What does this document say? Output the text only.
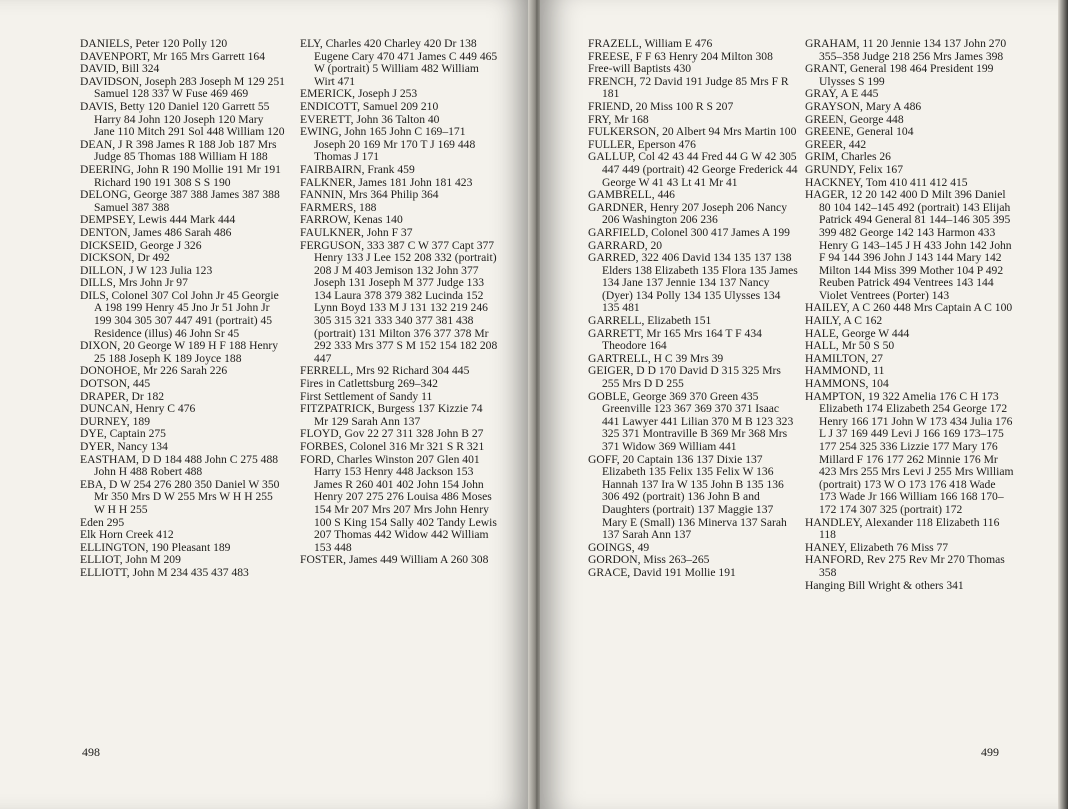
DANIELS, Peter 120 Polly 120

DAVENPORT, Mr 165 Mrs Garrett 164

DAVID, Bill 324

DAVIDSON, Joseph 283 Joseph M 129 251 Samuel 128 337 W Fuse 469 469

DAVIS, Betty 120 Daniel 120 Garrett 55 Harry 84 John 120 Joseph 120 Mary Jane 110 Mitch 291 Sol 448 William 120

DEAN, J R 398 James R 188 Job 187 Mrs Judge 85 Thomas 188 William H 188

DEERING, John R 190 Mollie 191 Mr 191 Richard 190 191 308 S S 190

DELONG, George 387 388 James 387 388 Samuel 387 388

DEMPSEY, Lewis 444 Mark 444

DENTON, James 486 Sarah 486

DICKSEID, George J 326

DICKSON, Dr 492

DILLON, J W 123 Julia 123

DILLS, Mrs John Jr 97

DILS, Colonel 307 Col John Jr 45 Georgie A 198 199 Henry 45 Jno Jr 51 John Jr 199 304 305 307 447 491 (portrait) 45 Residence (illus) 46 John Sr 45

DIXON, 20 George W 189 H F 188 Henry 25 188 Joseph K 189 Joyce 188

DONOHOE, Mr 226 Sarah 226

DOTSON, 445

DRAPER, Dr 182

DUNCAN, Henry C 476

DURNEY, 189

DYE, Captain 275

DYER, Nancy 134

EASTHAM, D D 184 488 John C 275 488 John H 488 Robert 488

EBA, D W 254 276 280 350 Daniel W 350 Mr 350 Mrs D W 255 Mrs W H H 255 W H H 255

Eden 295

Elk Horn Creek 412

ELLINGTON, 190 Pleasant 189

ELLIOT, John M 209

ELLIOTT, John M 234 435 437 483

ELY, Charles 420 Charley 420 Dr 138 Eugene Cary 470 471 James C 449 465 W (portrait) 5 William 482 William Wirt 471

EMERICK, Joseph J 253

ENDICOTT, Samuel 209 210

EVERETT, John 36 Talton 40

EWING, John 165 John C 169–171 Joseph 20 169 Mr 170 T J 169 448 Thomas J 171

FAIRBAIRN, Frank 459

FALKNER, James 181 John 181 423

FANNIN, Mrs 364 Philip 364

FARMERS, 188

FARROW, Kenas 140

FAULKNER, John F 37

FERGUSON, 333 387 C W 377 Capt 377 Henry 133 J Lee 152 208 332 (portrait) 208 J M 403 Jemison 132 John 377 Joseph 131 Joseph M 377 Judge 133 134 Laura 378 379 382 Lucinda 152 Lynn Boyd 133 M J 131 132 219 246 305 315 321 333 340 377 381 438 (portrait) 131 Milton 376 377 378 Mr 292 333 Mrs 377 S M 152 154 182 208 447

FERRELL, Mrs 92 Richard 304 445

Fires in Catlettsburg 269–342

First Settlement of Sandy 11

FITZPATRICK, Burgess 137 Kizzie 74 Mr 129 Sarah Ann 137

FLOYD, Gov 22 27 311 328 John B 27

FORBES, Colonel 316 Mr 321 S R 321

FORD, Charles Winston 207 Glen 401 Harry 153 Henry 448 Jackson 153 James R 260 401 402 John 154 John Henry 207 275 276 Louisa 486 Moses 154 Mr 207 Mrs 207 Mrs John Henry 100 S King 154 Sally 402 Tandy Lewis 207 Thomas 442 Widow 442 William 153 448

FOSTER, James 449 William A 260 308

498

FRAZELL, William E 476

FREESE, F F 63 Henry 204 Milton 308

Free-will Baptists 430

FRENCH, 72 David 191 Judge 85 Mrs F R 181

FRIEND, 20 Miss 100 R S 207

FRY, Mr 168

FULKERSON, 20 Albert 94 Mrs Martin 100

FULLER, Eperson 476

GALLUP, Col 42 43 44 Fred 44 G W 42 305 447 449 (portrait) 42 George Frederick 44 George W 41 43 Lt 41 Mr 41

GAMBRELL, 446

GARDNER, Henry 207 Joseph 206 Nancy 206 Washington 206 236

GARFIELD, Colonel 300 417 James A 199

GARRARD, 20

GARRED, 322 406 David 134 135 137 138 Elders 138 Elizabeth 135 Flora 135 James 134 Jane 137 Jennie 134 137 Nancy (Dyer) 134 Polly 134 135 Ulysses 134 135 481

GARRELL, Elizabeth 151

GARRETT, Mr 165 Mrs 164 T F 434 Theodore 164

GARTRELL, H C 39 Mrs 39

GEIGER, D D 170 David D 315 325 Mrs 255 Mrs D D 255

GOBLE, George 369 370 Green 435 Greenville 123 367 369 370 371 Isaac 441 Lawyer 441 Lilian 370 M B 123 323 325 371 Montraville B 369 Mr 368 Mrs 371 Widow 369 William 441

GOFF, 20 Captain 136 137 Dixie 137 Elizabeth 135 Felix 135 Felix W 136 Hannah 137 Ira W 135 John B 135 136 306 492 (portrait) 136 John B and Daughters (portrait) 137 Maggie 137 Mary E (Small) 136 Minerva 137 Sarah 137 Sarah Ann 137

GOINGS, 49

GORDON, Miss 263–265

GRACE, David 191 Mollie 191

GRAHAM, 11 20 Jennie 134 137 John 270 355–358 Judge 218 256 Mrs James 398

GRANT, General 198 464 President 199 Ulysses S 199

GRAY, A E 445

GRAYSON, Mary A 486

GREEN, George 448

GREENE, General 104

GREER, 442

GRIM, Charles 26

GRUNDY, Felix 167

HACKNEY, Tom 410 411 412 415

HAGER, 12 20 142 400 D Milt 396 Daniel 80 104 142–145 492 (portrait) 143 Elijah Patrick 494 General 81 144–146 305 395 399 482 George 142 143 Harmon 433 Henry G 143–145 J H 433 John 142 John F 94 144 396 John J 143 144 Mary 142 Milton 144 Miss 399 Mother 104 P 492 Reuben Patrick 494 Ventrees 143 144 Violet Ventrees (Porter) 143

HAILEY, A C 260 448 Mrs Captain A C 100

HAILY, A C 162

HALE, George W 444

HALL, Mr 50 S 50

HAMILTON, 27

HAMMOND, 11

HAMMONS, 104

HAMPTON, 19 322 Amelia 176 C H 173 Elizabeth 174 Elizabeth 254 George 172 Henry 166 171 John W 173 434 Julia 176 L J 37 169 449 Levi J 166 169 173–175 177 254 325 336 Lizzie 177 Mary 176 Millard F 176 177 262 Minnie 176 Mr 423 Mrs 255 Mrs Levi J 255 Mrs William (portrait) 173 W O 173 176 418 Wade 173 Wade Jr 166 William 166 168 170–172 174 307 325 (portrait) 172

HANDLEY, Alexander 118 Elizabeth 116 118

HANEY, Elizabeth 76 Miss 77

HANFORD, Rev 275 Rev Mr 270 Thomas 358

Hanging Bill Wright & others 341

499
